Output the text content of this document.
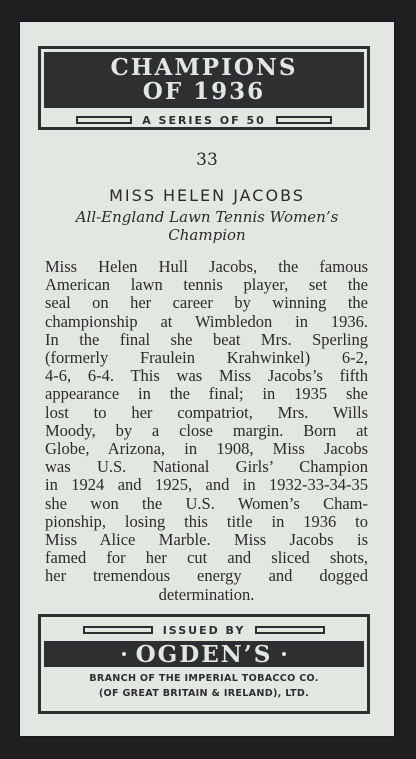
CHAMPIONS
OF 1936
A SERIES OF 50
33
MISS HELEN JACOBS
All-England Lawn Tennis Women’s
Champion
Miss Helen Hull Jacobs, the famous
American lawn tennis player, set the
seal on her career by winning the
championship at Wimbledon in 1936.
In the final she beat Mrs. Sperling
(formerly Fraulein Krahwinkel) 6-2,
4-6, 6-4. This was Miss Jacobs’s fifth
appearance in the final; in 1935 she
lost to her compatriot, Mrs. Wills
Moody, by a close margin. Born at
Globe, Arizona, in 1908, Miss Jacobs
was U.S. National Girls’ Champion
in 1924 and 1925, and in 1932-33-34-35
she won the U.S. Women’s Cham-
pionship, losing this title in 1936 to
Miss Alice Marble. Miss Jacobs is
famed for her cut and sliced shots,
her tremendous energy and dogged
determination.
ISSUED BY
OGDEN’S
BRANCH OF THE IMPERIAL TOBACCO CO.
(OF GREAT BRITAIN & IRELAND), LTD.
